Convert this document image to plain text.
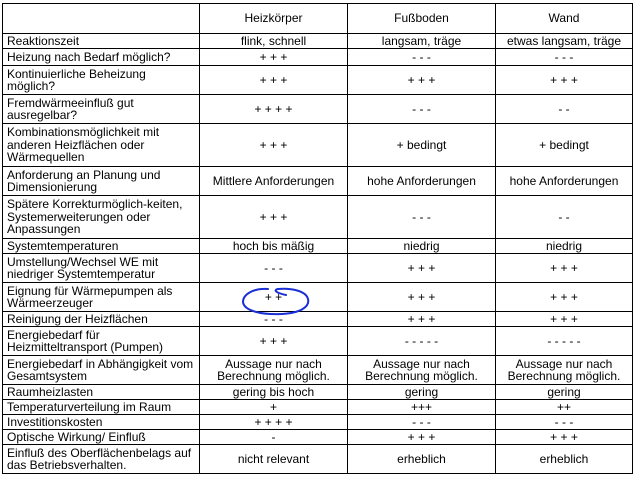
	Heizkörper	Fußboden	Wand
Reaktionszeit	flink, schnell	langsam, träge	etwas langsam, träge
Heizung nach Bedarf möglich?	+ + +	- - -	- - -
Kontinuierliche Beheizung möglich?	+ + +	+ + +	+ + +
Fremdwärmeeinfluß gut ausregelbar?	+ + + +	- - -	- -
Kombinationsmöglichkeit mit anderen Heizflächen oder Wärmequellen	+ + +	+ bedingt	+ bedingt
Anforderung an Planung und Dimensionierung	Mittlere Anforderungen	hohe Anforderungen	hohe Anforderungen
Spätere Korrekturmöglich-keiten, Systemerweiterungen oder Anpassungen	+ + +	- - -	- -
Systemtemperaturen	hoch bis mäßig	niedrig	niedrig
Umstellung/Wechsel WE mit niedriger Systemtemperatur	- - -	+ + +	+ + +
Eignung für Wärmepumpen als Wärmeerzeuger	+ +	+ + +	+ + +
Reinigung der Heizflächen	- - -	+ + +	+ + +
Energiebedarf für Heizmitteltransport (Pumpen)	+ + +	- - - - -	- - - - -
Energiebedarf in Abhängigkeit vom Gesamtsystem	Aussage nur nach Berechnung möglich.	Aussage nur nach Berechnung möglich.	Aussage nur nach Berechnung möglich.
Raumheizlasten	gering bis hoch	gering	gering
Temperaturverteilung im Raum	+	+++	++
Investitionskosten	+ + + +	- - -	- - -
Optische Wirkung/ Einfluß	-	+ + +	+ + +
Einfluß des Oberflächenbelags auf das Betriebsverhalten.	nicht relevant	erheblich	erheblich
